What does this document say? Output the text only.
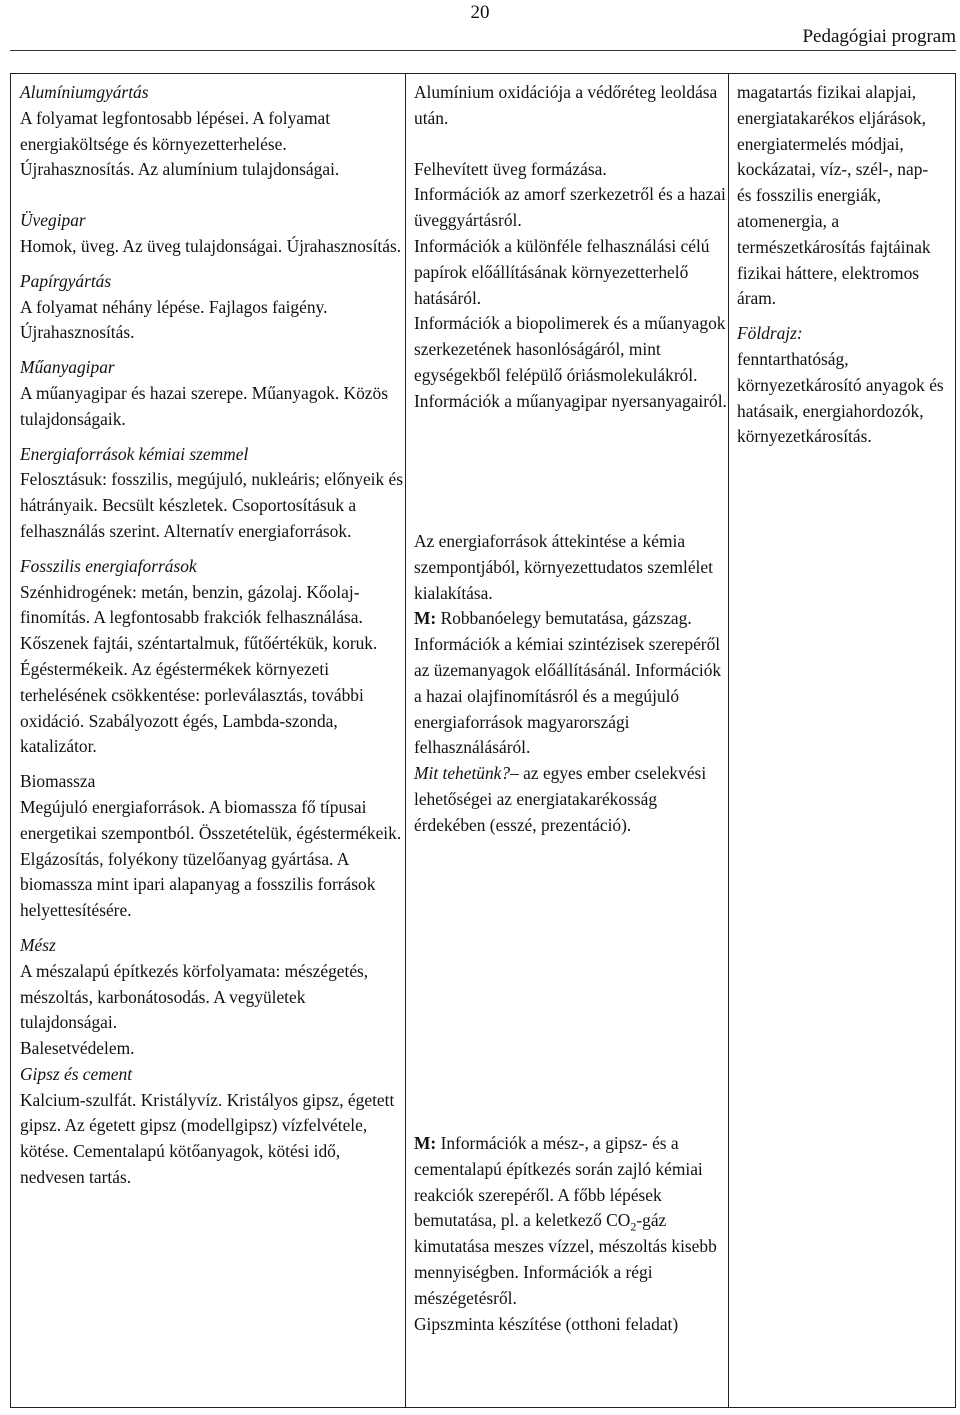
20
Pedagógiai program

Alumíniumgyártás

A folyamat legfontosabb lépései. A folyamat energiaköltsége és környezetterhelése. Újrahasznosítás. Az alumínium tulajdonságai.

Üvegipar

Homok, üveg. Az üveg tulajdonságai. Újrahasznosítás.

Papírgyártás

A folyamat néhány lépése. Fajlagos faigény. Újrahasznosítás.

Műanyagipar

A műanyagipar és hazai szerepe. Műanyagok. Közös tulajdonságaik.

Energiaforrások kémiai szemmel

Felosztásuk: fosszilis, megújuló, nukleáris; előnyeik és hátrányaik. Becsült készletek. Csoportosításuk a felhasználás szerint. Alternatív energiaforrások.

Fosszilis energiaforrások

Szénhidrogének: metán, benzin, gázolaj. Kőolaj-finomítás. A legfontosabb frakciók felhasználása. Kőszenek fajtái, széntartalmuk, fűtőértékük, koruk. Égéstermékeik. Az égéstermékek környezeti terhelésének csökkentése: porleválasztás, további oxidáció. Szabályozott égés, Lambda-szonda, katalizátor.

Biomassza

Megújuló energiaforrások. A biomassza fő típusai energetikai szempontból. Összetételük, égéstermékeik. Elgázosítás, folyékony tüzelőanyag gyártása. A biomassza mint ipari alapanyag a fosszilis források helyettesítésére.

Mész

A mészalapú építkezés körfolyamata: mészégetés, mészoltás, karbonátosodás. A vegyületek tulajdonságai.

Balesetvédelem.

Gipsz és cement

Kalcium-szulfát. Kristályvíz. Kristályos gipsz, égetett gipsz. Az égetett gipsz (modellgipsz) vízfelvétele, kötése. Cementalapú kötőanyagok, kötési idő, nedvesen tartás.

Alumínium oxidációja a védőréteg leoldása után.

Felhevített üveg formázása.

Információk az amorf szerkezetről és a hazai üveggyártásról.

Információk a különféle felhasználási célú papírok előállításának környezetterhelő hatásáról.

Információk a biopolimerek és a műanyagok szerkezetének hasonlóságáról, mint egységekből felépülő óriásmolekulákról.

Információk a műanyagipar nyersanyagairól.

Az energiaforrások áttekintése a kémia szempontjából, környezettudatos szemlélet kialakítása.

M: Robbanóelegy bemutatása, gázszag. Információk a kémiai szintézisek szerepéről az üzemanyagok előállításánál. Információk a hazai olajfinomításról és a megújuló energiaforrások magyarországi felhasználásáról.

Mit tehetünk?– az egyes ember cselekvési lehetőségei az energiatakarékosság érdekében (esszé, prezentáció).

M: Információk a mész-, a gipsz- és a cementalapú építkezés során zajló kémiai reakciók szerepéről. A főbb lépések bemutatása, pl. a keletkező $CO_2$-gáz kimutatása meszes vízzel, mészoltás kisebb mennyiségben. Információk a régi mészégetésről.

Gipszminta készítése (otthoni feladat)

magatartás fizikai alapjai, energiatakarékos eljárások, energiatermelés módjai, kockázatai, víz-, szél-, nap- és fosszilis energiák, atomenergia, a természetkárosítás fajtáinak fizikai háttere, elektromos áram.

Földrajz:

fenntarthatóság, környezetkárosító anyagok és hatásaik, energiahordozók, környezetkárosítás.
